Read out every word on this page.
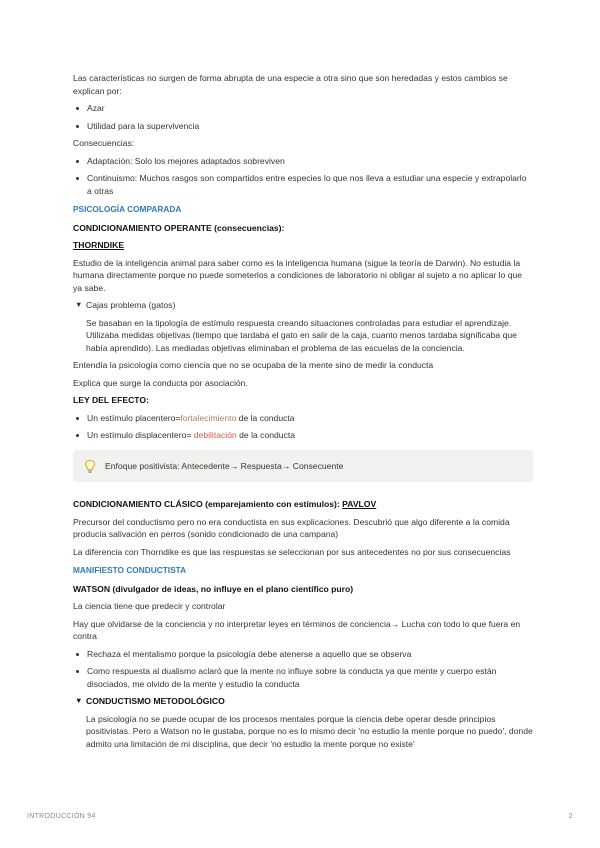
Las características no surgen de forma abrupta de una especie a otra sino que son heredadas y estos cambios se explican por:

Azar
Utilidad para la supervivencia

Consecuencias:

Adaptación: Solo los mejores adaptados sobreviven
Continuismo: Muchos rasgos son compartidos entre especies lo que nos lleva a estudiar una especie y extrapolarlo a otras
PSICOLOGÍA COMPARADA

CONDICIONAMIENTO OPERANTE (consecuencias):

THORNDIKE

Estudio de la inteligencia animal para saber como es la inteligencia humana (sigue la teoría de Darwin). No estudia la humana directamente porque no puede someterlos a condiciones de laboratorio ni obligar al sujeto a no aplicar lo que ya sabe.

▼ Cajas problema (gatos)
Se basaban en la tipología de estímulo respuesta creando situaciones controladas para estudiar el aprendizaje. Utilizaba medidas objetivas (tiempo que tardaba el gato en salir de la caja, cuanto menos tardaba significaba que había aprendido). Las mediadas objetivas eliminaban el problema de las escuelas de la conciencia.

Entendía la psicología como ciencia que no se ocupaba de la mente sino de medir la conducta

Explica que surge la conducta por asociación.

LEY DEL EFECTO:

Un estímulo placentero=fortalecimiento de la conducta
Un estímulo displacentero= debilitación de la conducta
Enfoque positivista: Antecedente→ Respuesta→ Consecuente

CONDICIONAMIENTO CLÁSICO (emparejamiento con estímulos): PAVLOV

Precursor del conductismo pero no era conductista en sus explicaciones. Descubrió que algo diferente a la comida producía salivación en perros (sonido condicionado de una campana)

La diferencia con Thorndike es que las respuestas se seleccionan por sus antecedentes no por sus consecuencias

MANIFIESTO CONDUCTISTA

WATSON (divulgador de ideas, no influye en el plano científico puro)

La ciencia tiene que predecir y controlar

Hay que olvidarse de la conciencia y no interpretar leyes en términos de conciencia→ Lucha con todo lo que fuera en contra

Rechaza el mentalismo porque la psicología debe atenerse a aquello que se observa
Como respuesta al dualismo aclaró que la mente no influye sobre la conducta ya que mente y cuerpo están disociados, me olvido de la mente y estudio la conducta
▼ CONDUCTISMO METODOLÓGICO
La psicología no se puede ocupar de los procesos mentales porque la ciencia debe operar desde principios positivistas. Pero a Watson no le gustaba, porque no es lo mismo decir 'no estudio la mente porque no puedo', donde admito una limitación de mi disciplina, que decir 'no estudio la mente porque no existe'
INTRODUCCIÓN 94	2
